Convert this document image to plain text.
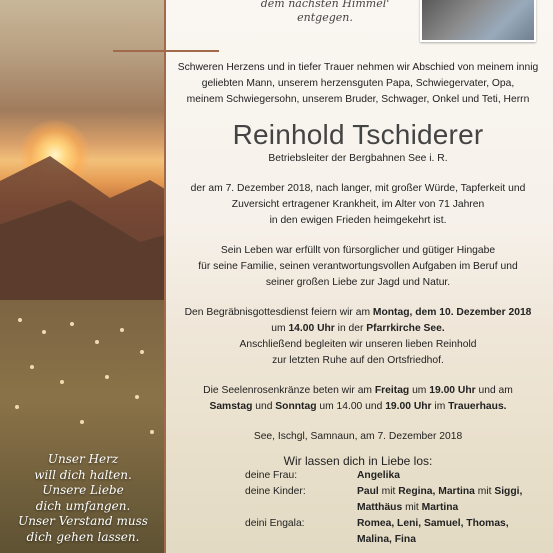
dem nächsten Himmel' entgegen.

Schweren Herzens und in tiefer Trauer nehmen wir Abschied von meinem innig

geliebten Mann, unserem herzensguten Papa, Schwiegervater, Opa,

meinem Schwiegersohn, unserem Bruder, Schwager, Onkel und Teti, Herrn

Reinhold Tschiderer

Betriebsleiter der Bergbahnen See i. R.

der am 7. Dezember 2018, nach langer, mit großer Würde, Tapferkeit und

Zuversicht ertragener Krankheit, im Alter von 71 Jahren

in den ewigen Frieden heimgekehrt ist.

Sein Leben war erfüllt von fürsorglicher und gütiger Hingabe

für seine Familie, seinen verantwortungsvollen Aufgaben im Beruf und

seiner großen Liebe zur Jagd und Natur.

Den Begräbnisgottesdienst feiern wir am Montag, dem 10. Dezember 2018

um 14.00 Uhr in der Pfarrkirche See.

Anschließend begleiten wir unseren lieben Reinhold

zur letzten Ruhe auf den Ortsfriedhof.

Die Seelenrosenkränze beten wir am Freitag um 19.00 Uhr und am

Samstag und Sonntag um 14.00 und 19.00 Uhr im Trauerhaus.

See, Ischgl, Samnaun, am 7. Dezember 2018

Wir lassen dich in Liebe los:

deine Frau:	Angelika
deine Kinder:	Paul mit Regina, Martina mit Siggi,
Matthäus mit Martina
deini Engala:	Romea, Leni, Samuel, Thomas,
Malina, Fina
Unser Herz
will dich halten.
Unsere Liebe
dich umfangen.
Unser Verstand muss
dich gehen lassen.
